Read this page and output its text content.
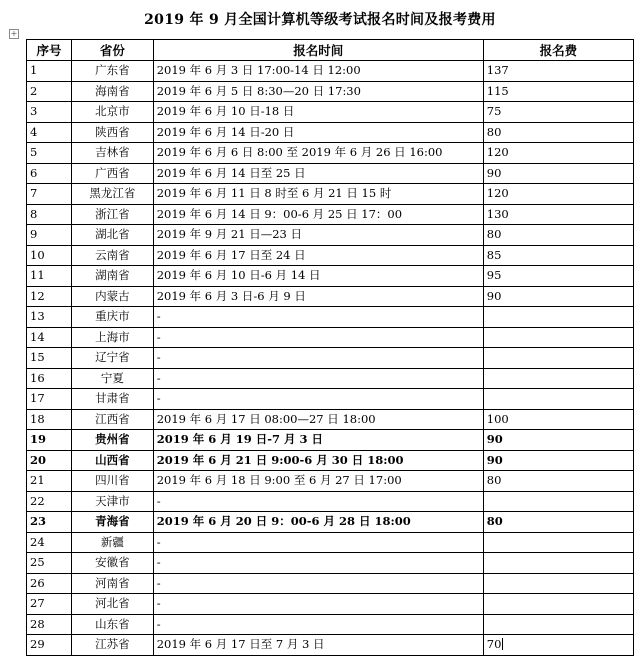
2019 年 9 月全国计算机等级考试报名时间及报考费用
+
序号	省份	报名时间	报名费
1	广东省	2019 年 6 月 3 日 17:00-14 日 12:00	137
2	海南省	2019 年 6 月 5 日 8:30—20 日 17:30	115
3	北京市	2019 年 6 月 10 日-18 日	75
4	陕西省	2019 年 6 月 14 日-20 日	80
5	吉林省	2019 年 6 月 6 日 8:00 至 2019 年 6 月 26 日 16:00	120
6	广西省	2019 年 6 月 14 日至 25 日	90
7	黑龙江省	2019 年 6 月 11 日 8 时至 6 月 21 日 15 时	120
8	浙江省	2019 年 6 月 14 日 9：00-6 月 25 日 17：00	130
9	湖北省	2019 年 9 月 21 日—23 日	80
10	云南省	2019 年 6 月 17 日至 24 日	85
11	湖南省	2019 年 6 月 10 日-6 月 14 日	95
12	内蒙古	2019 年 6 月 3 日-6 月 9 日	90
13	重庆市	-	
14	上海市	-	
15	辽宁省	-	
16	宁夏	-	
17	甘肃省	-	
18	江西省	2019 年 6 月 17 日 08:00—27 日 18:00	100
19	贵州省	2019 年 6 月 19 日-7 月 3 日	90
20	山西省	2019 年 6 月 21 日 9:00-6 月 30 日 18:00	90
21	四川省	2019 年 6 月 18 日 9:00 至 6 月 27 日 17:00	80
22	天津市	-	
23	青海省	2019 年 6 月 20 日 9：00-6 月 28 日 18:00	80
24	新疆	-	
25	安徽省	-	
26	河南省	-	
27	河北省	-	
28	山东省	-	
29	江苏省	2019 年 6 月 17 日至 7 月 3 日	70
